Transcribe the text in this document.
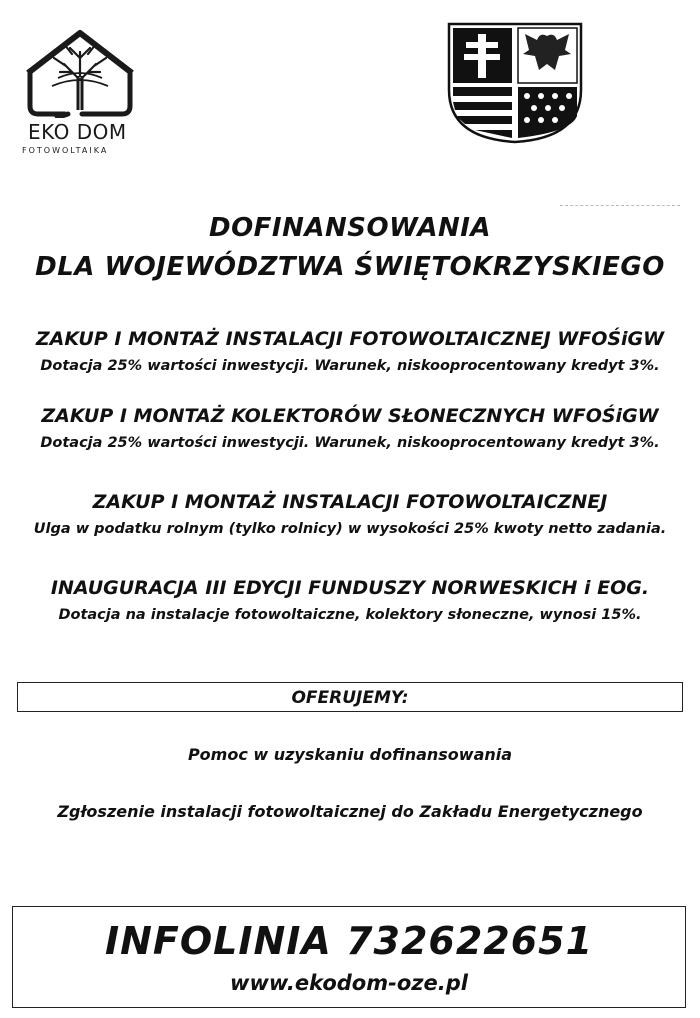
EKO DOM
FOTOWOLTAIKA
DOFINANSOWANIA
DLA WOJEWÓDZTWA ŚWIĘTOKRZYSKIEGO
ZAKUP I MONTAŻ INSTALACJI FOTOWOLTAICZNEJ WFOŚiGW
Dotacja 25% wartości inwestycji. Warunek, niskooprocentowany kredyt 3%.
ZAKUP I MONTAŻ KOLEKTORÓW SŁONECZNYCH WFOŚiGW
Dotacja 25% wartości inwestycji. Warunek, niskooprocentowany kredyt 3%.
ZAKUP I MONTAŻ INSTALACJI FOTOWOLTAICZNEJ
Ulga w podatku rolnym (tylko rolnicy) w wysokości 25% kwoty netto zadania.
INAUGURACJA III EDYCJI FUNDUSZY NORWESKICH i EOG.
Dotacja na instalacje fotowoltaiczne, kolektory słoneczne, wynosi 15%.
OFERUJEMY:
Pomoc w uzyskaniu dofinansowania
Zgłoszenie instalacji fotowoltaicznej do Zakładu Energetycznego
INFOLINIA 732622651
www.ekodom-oze.pl
